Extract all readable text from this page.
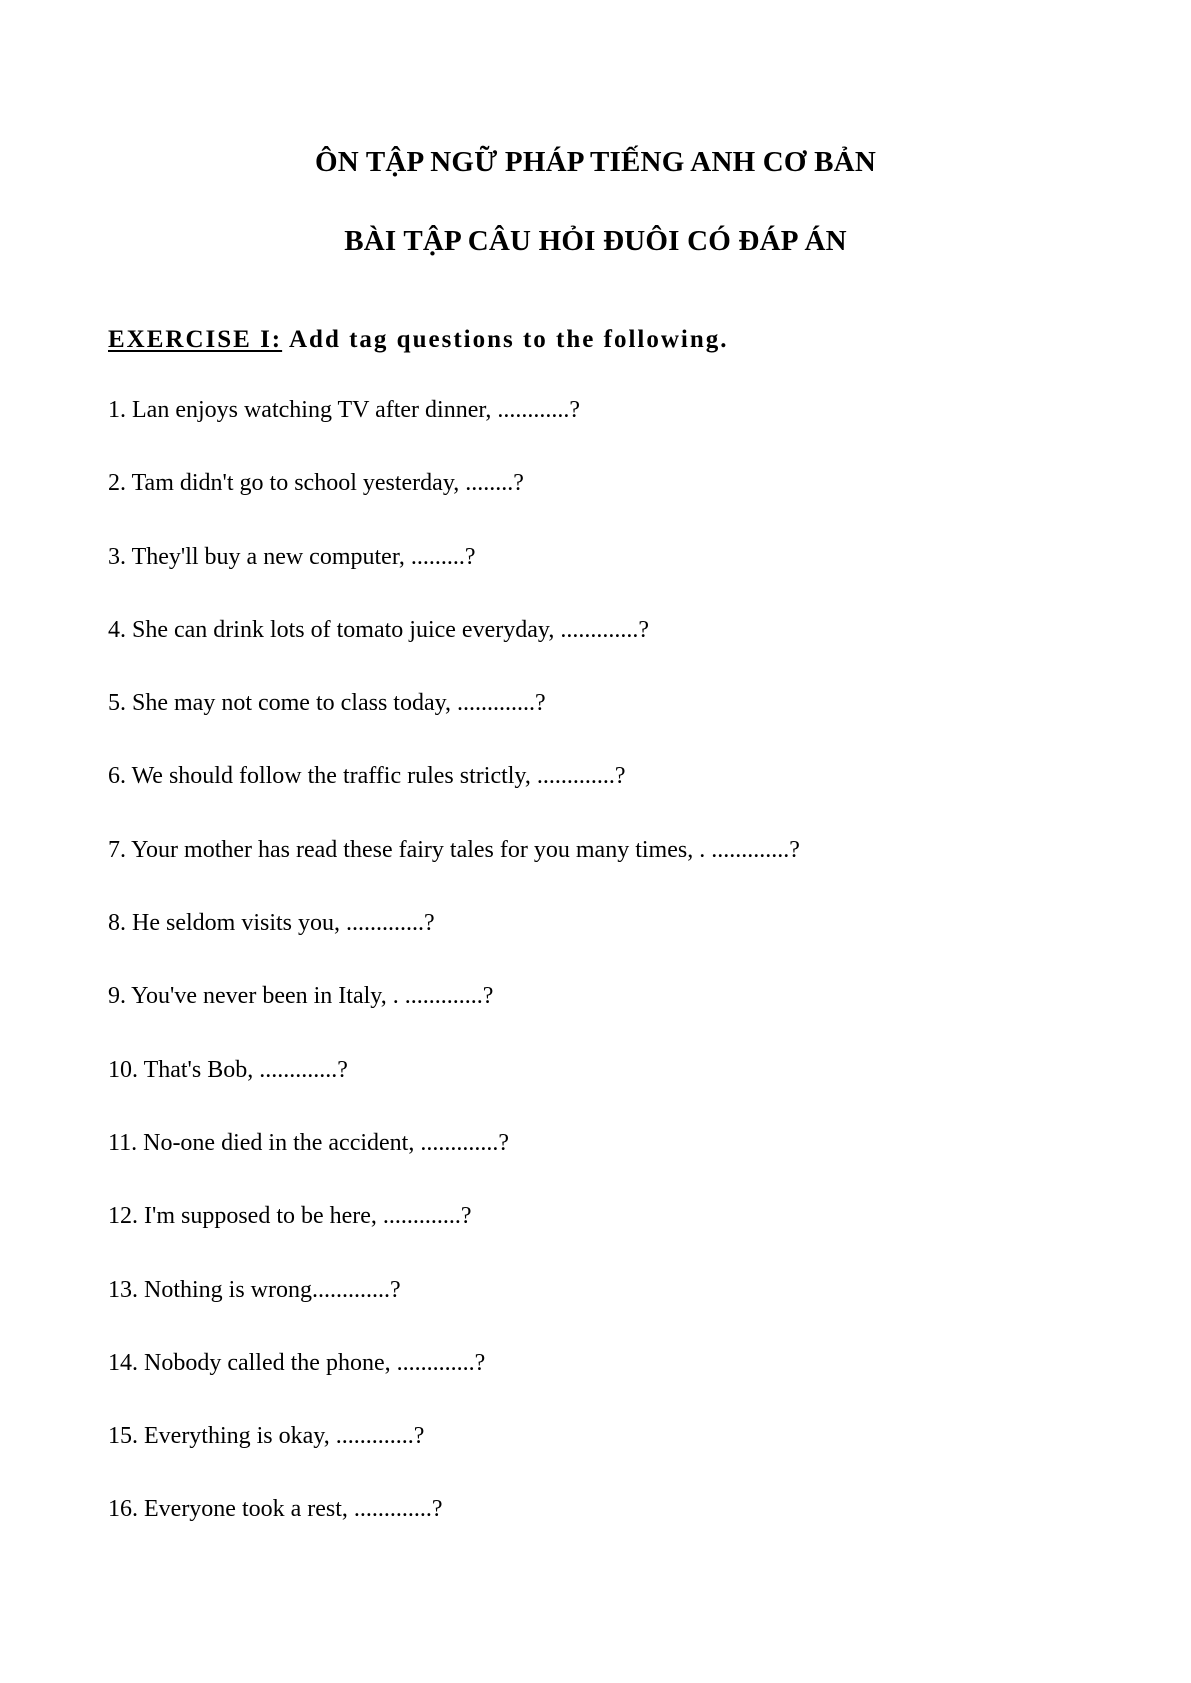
ÔN TẬP NGỮ PHÁP TIẾNG ANH CƠ BẢN
BÀI TẬP CÂU HỎI ĐUÔI CÓ ĐÁP ÁN
EXERCISE I: Add tag questions to the following.
1. Lan enjoys watching TV after dinner, ............?
2. Tam didn't go to school yesterday, ........?
3. They'll buy a new computer, .........?
4. She can drink lots of tomato juice everyday, .............?
5. She may not come to class today, .............?
6. We should follow the traffic rules strictly, .............?
7. Your mother has read these fairy tales for you many times, . .............?
8. He seldom visits you, .............?
9. You've never been in Italy, . .............?
10. That's Bob, .............?
11. No-one died in the accident, .............?
12. I'm supposed to be here, .............?
13. Nothing is wrong.............?
14. Nobody called the phone, .............?
15. Everything is okay, .............?
16. Everyone took a rest, .............?
